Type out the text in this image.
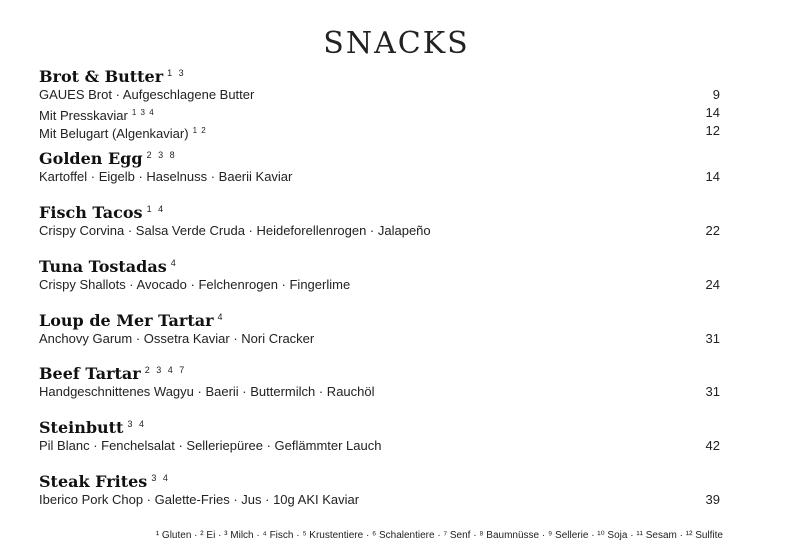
SNACKS
Brot & Butter $^{1 3}$
GAUES Brot · Aufgeschlagene Butter	9
Mit Presskaviar $^{1 3 4}$	14
Mit Belugart (Algenkaviar) $^{1 2}$	12
Golden Egg $^{2 3 8}$
Kartoffel · Eigelb · Haselnuss · Baerii Kaviar	14
Fisch Tacos $^{1 4}$
Crispy Corvina · Salsa Verde Cruda · Heideforellenrogen · Jalapeño	22
Tuna Tostadas $^4$
Crispy Shallots · Avocado · Felchenrogen · Fingerlime	24
Loup de Mer Tartar $^4$
Anchovy Garum · Ossetra Kaviar · Nori Cracker	31
Beef Tartar $^{2 3 4 7}$
Handgeschnittenes Wagyu · Baerii · Buttermilch · Rauchöl	31
Steinbutt $^{3 4}$
Pil Blanc · Fenchelsalat · Selleriepüree · Geflämmter Lauch	42
Steak Frites $^{3 4}$
Iberico Pork Chop · Galette-Fries · Jus · 10g AKI Kaviar	39
¹ Gluten · ² Ei · ³ Milch · ⁴ Fisch · ⁵ Krustentiere · ⁶ Schalentiere · ⁷ Senf · ⁸ Baumnüsse · ⁹ Sellerie · ¹⁰ Soja · ¹¹ Sesam · ¹² Sulfite
